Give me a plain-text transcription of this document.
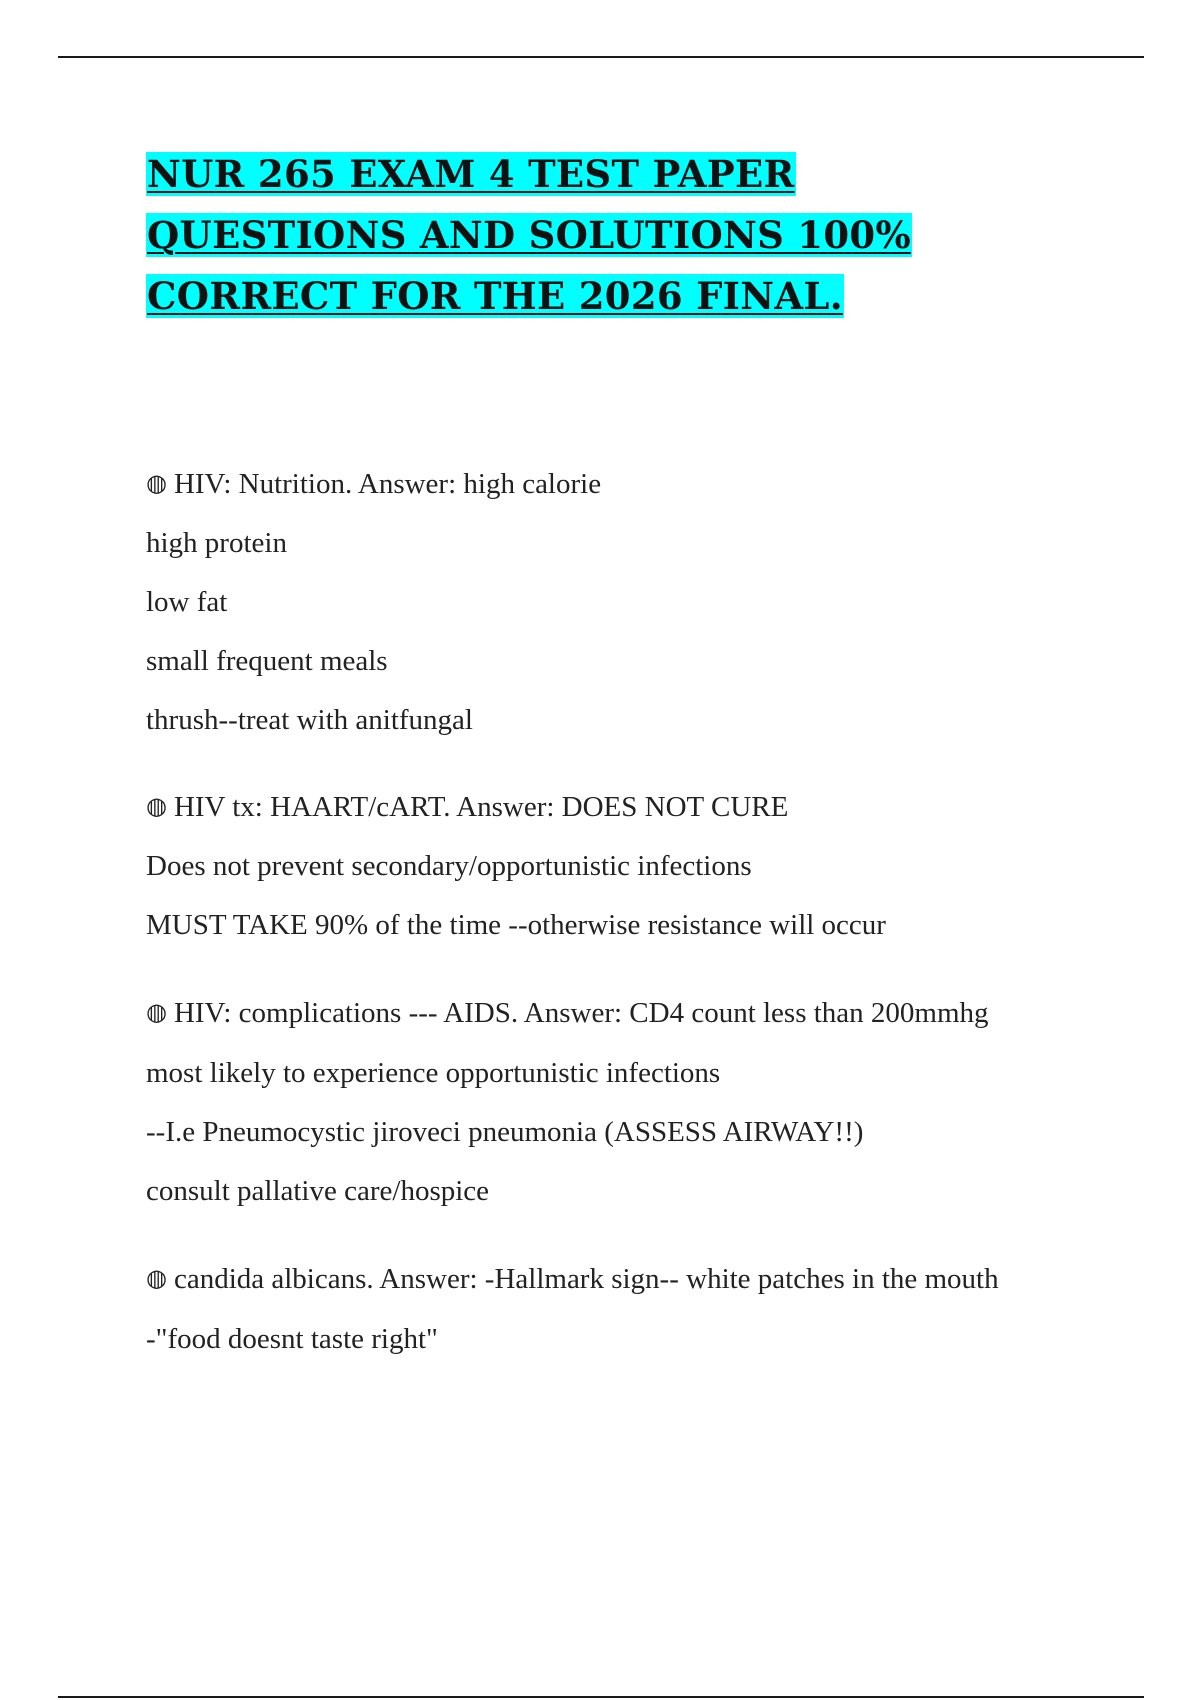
NUR 265 EXAM 4 TEST PAPER QUESTIONS AND SOLUTIONS 100% CORRECT FOR THE 2026 FINAL.

◍ HIV: Nutrition. Answer: high calorie

high protein

low fat

small frequent meals

thrush--treat with anitfungal

◍ HIV tx: HAART/cART. Answer: DOES NOT CURE

Does not prevent secondary/opportunistic infections

MUST TAKE 90% of the time --otherwise resistance will occur

◍ HIV: complications --- AIDS. Answer: CD4 count less than 200mmhg

most likely to experience opportunistic infections

--I.e Pneumocystic jiroveci pneumonia (ASSESS AIRWAY!!)

consult pallative care/hospice

◍ candida albicans. Answer: -Hallmark sign-- white patches in the mouth

-"food doesnt taste right"
